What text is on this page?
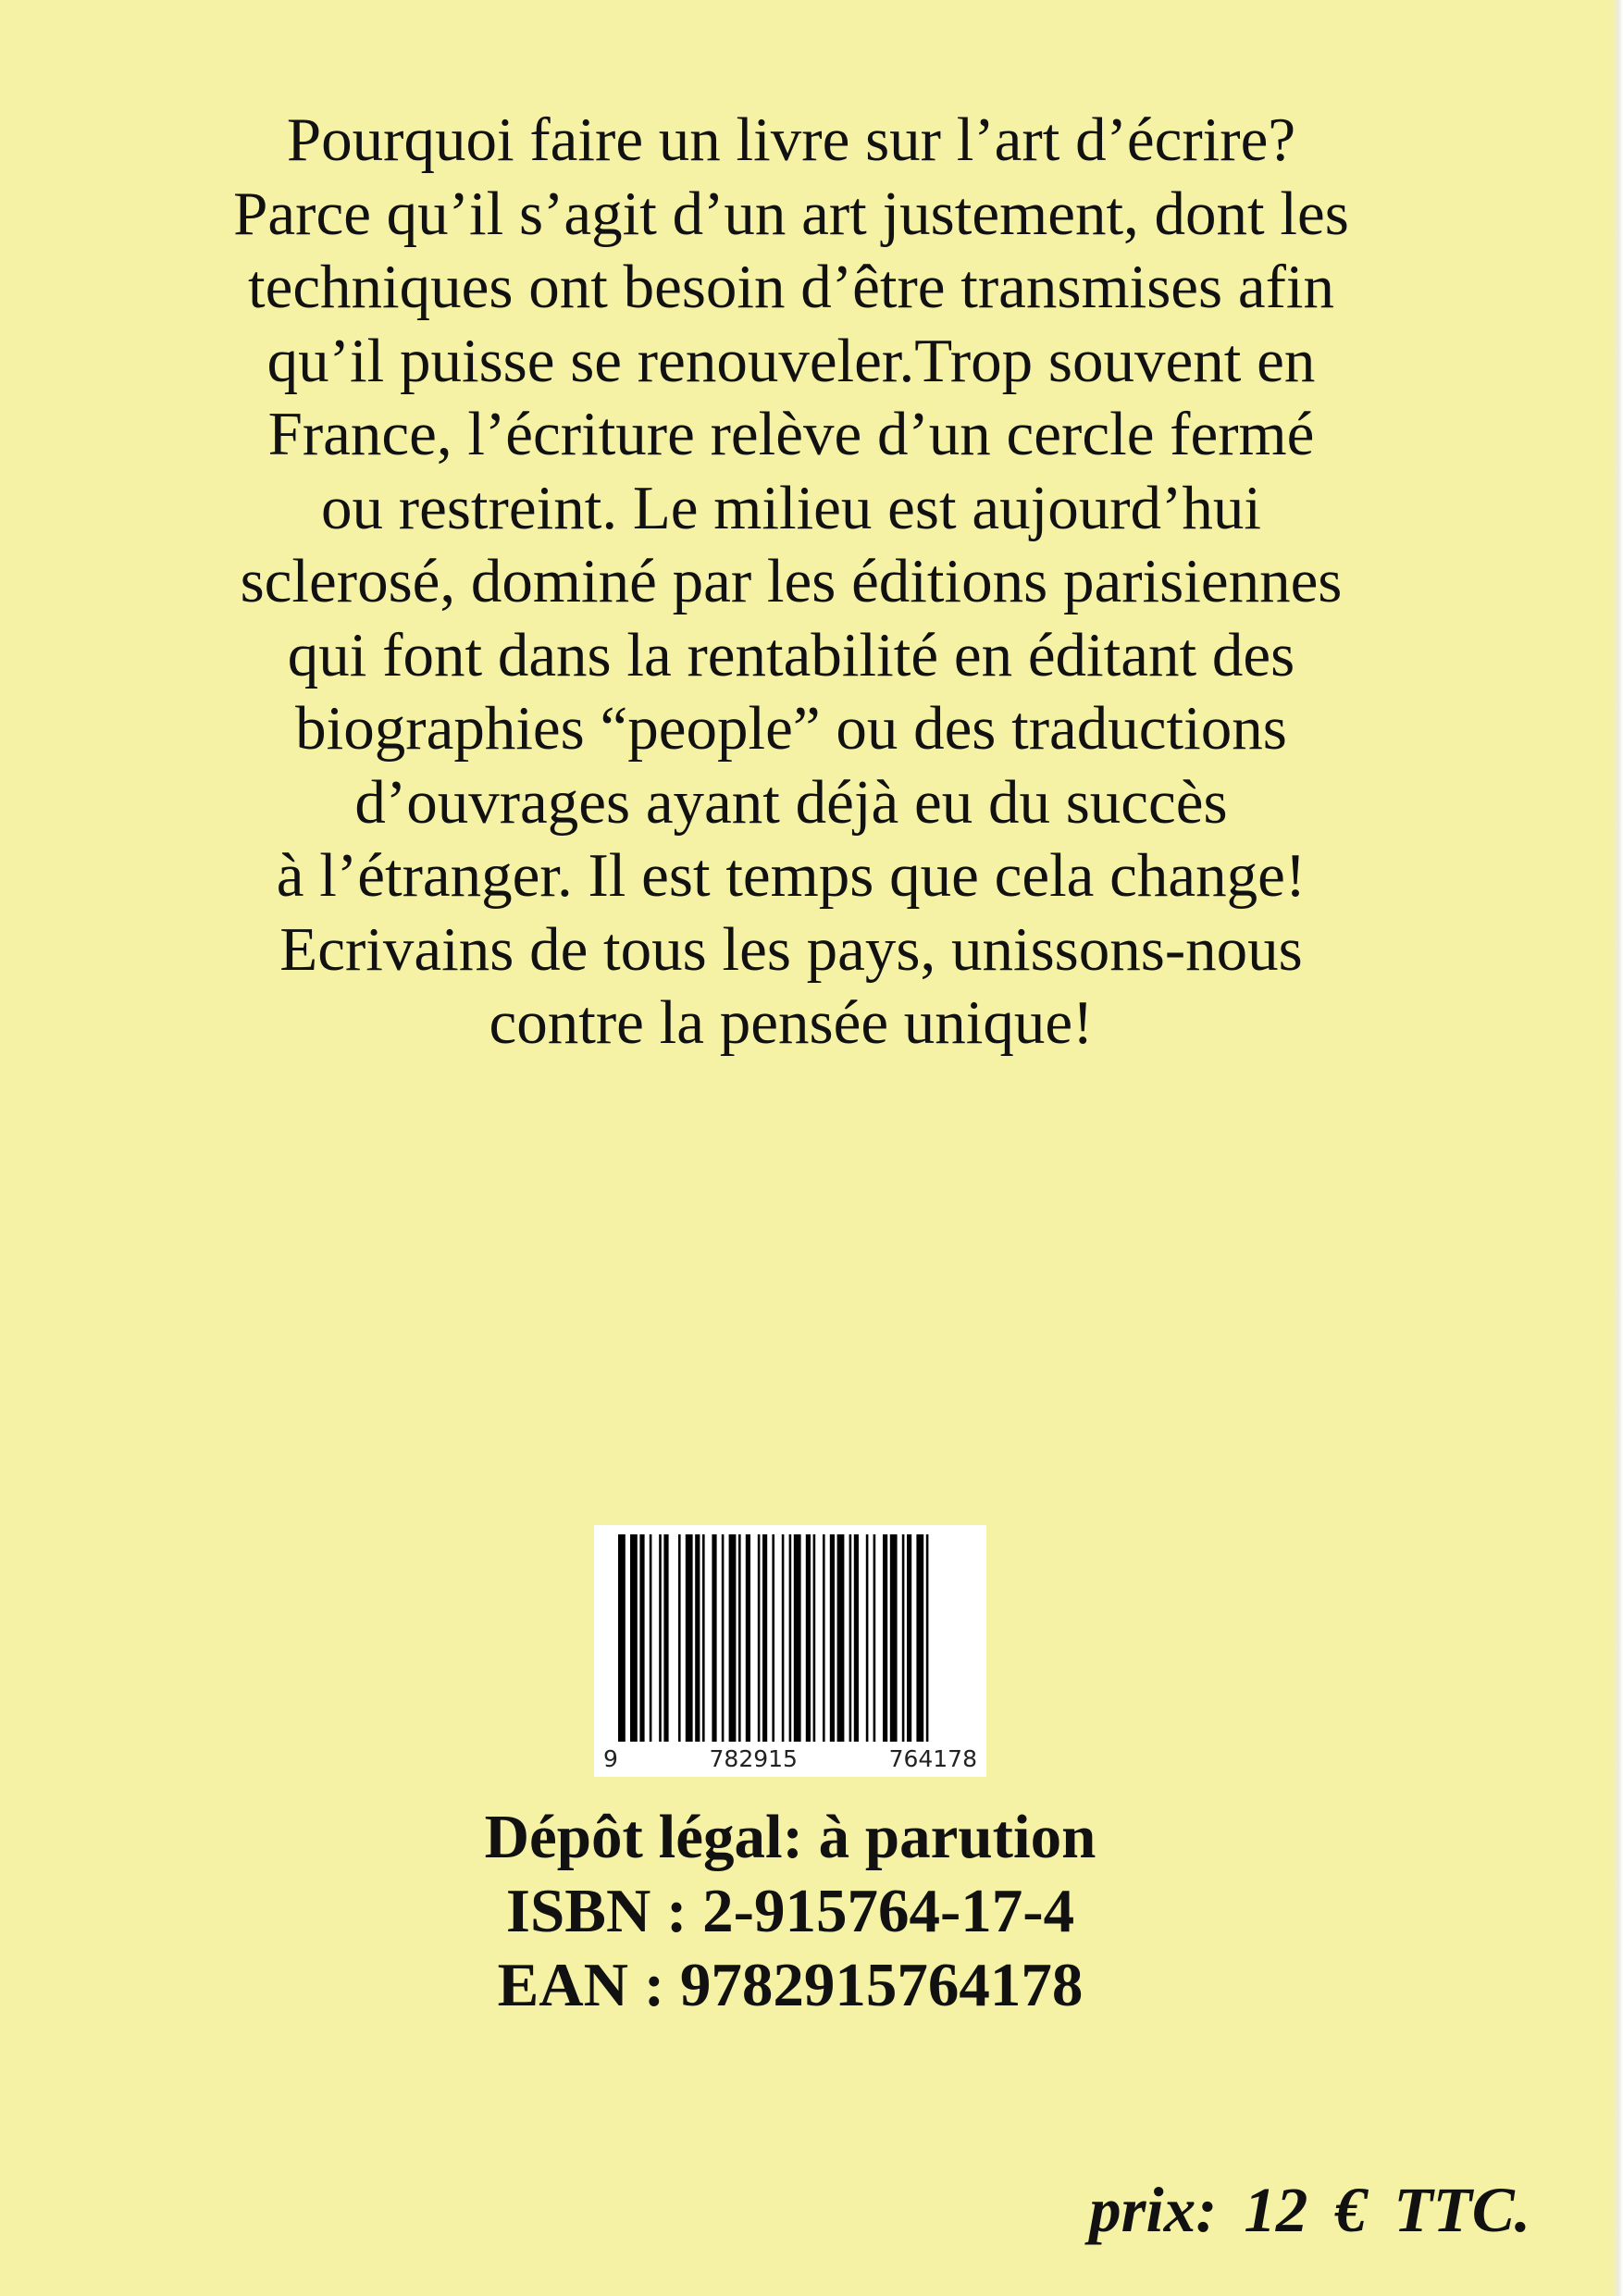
Pourquoi faire un livre sur l’art d’écrire?
Parce qu’il s’agit d’un art justement, dont les
techniques ont besoin d’être transmises afin
qu’il puisse se renouveler.Trop souvent en
France, l’écriture relève d’un cercle fermé
ou restreint. Le milieu est aujourd’hui
sclerosé, dominé par les éditions parisiennes
qui font dans la rentabilité en éditant des
biographies “people” ou des traductions
d’ouvrages ayant déjà eu du succès
à l’étranger. Il est temps que cela change!
Ecrivains de tous les pays, unissons-nous
contre la pensée unique!
9	782915	764178
Dépôt légal: à parution
ISBN : 2-915764-17-4
EAN : 9782915764178
prix: 12 € TTC.
